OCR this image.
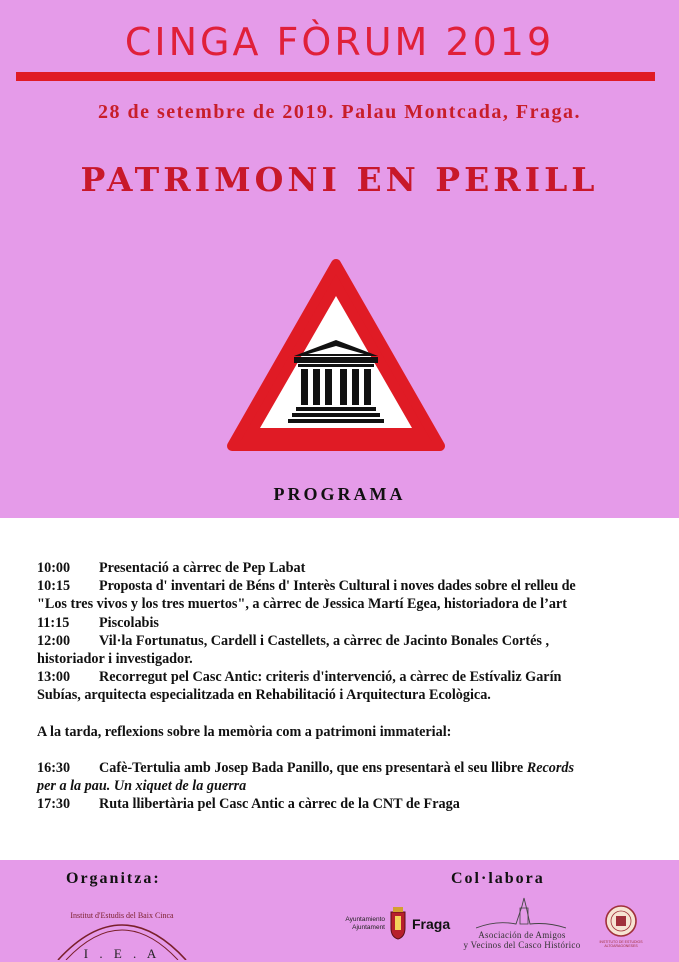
CINGA FÒRUM 2019
28 de setembre de 2019. Palau Montcada, Fraga.
PATRIMONI EN PERILL
PROGRAMA
10:00	Presentació a càrrec de Pep Labat
10:15	Proposta d' inventari de Béns d' Interès Cultural i noves dades sobre el relleu de
"Los tres vivos y los tres muertos", a càrrec de Jessica Martí Egea, historiadora de l’art
11:15	Piscolabis
12:00	Vil·la Fortunatus, Cardell i Castellets, a càrrec de Jacinto Bonales Cortés ,
historiador i investigador.
13:00	Recorregut pel Casc Antic: criteris d'intervenció, a càrrec de Estívaliz Garín
Subías, arquitecta especialitzada en Rehabilitació i Arquitectura Ecològica.
A la tarda, reflexions sobre la memòria com a patrimoni immaterial:
16:30	Cafè-Tertulia amb Josep Bada Panillo, que ens presentarà el seu llibre Records
per a la pau. Un xiquet de la guerra
17:30	Ruta llibertària pel Casc Antic a càrrec de la CNT de Fraga
Organitza:	Col·labora
Institut d'Estudis del Baix Cinca
I . E . A
Ayuntamiento
Ajuntament Fraga
Asociación de Amigos
y Vecinos del Casco Histórico	INSTITUTO DE ESTUDIOS
ALTOARAGONESES
